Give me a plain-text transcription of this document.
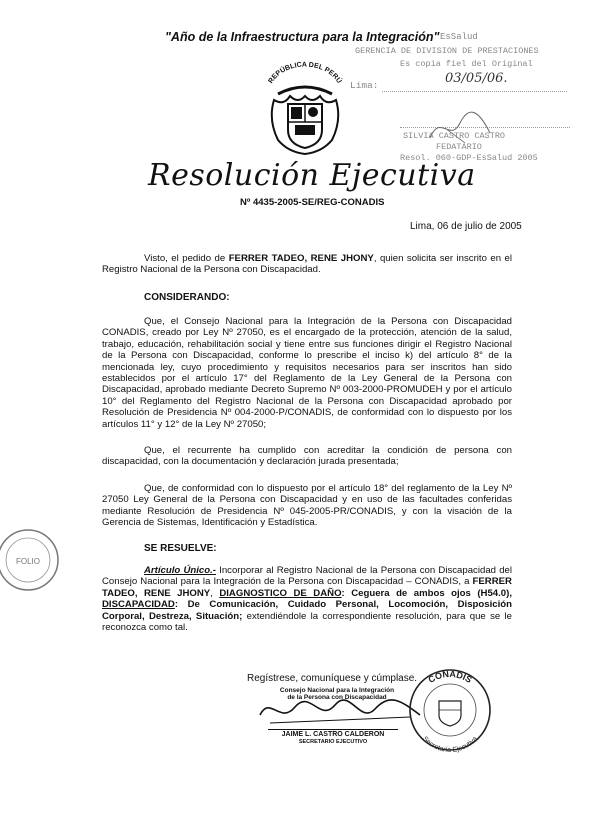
"Año de la Infraestructura para la Integración" EsSalud
GERENCIA DE DIVISION DE PRESTACIONES
Es copia fiel del Original
Lima:	03/05/06.
SILVIA CASTRO CASTRO
FEDATARIO
Resol. 060-GDP-EsSalud 2005
REPÚBLICA DEL PERÚ
Resolución Ejecutiva
Nº 4435-2005-SE/REG-CONADIS
Lima, 06 de julio de 2005
Visto, el pedido de FERRER TADEO, RENE JHONY, quien solicita ser inscrito en el Registro Nacional de la Persona con Discapacidad.
CONSIDERANDO:
Que, el Consejo Nacional para la Integración de la Persona con Discapacidad CONADIS, creado por Ley Nº 27050, es el encargado de la protección, atención de la salud, trabajo, educación, rehabilitación social y tiene entre sus funciones dirigir el Registro Nacional de la Persona con Discapacidad, conforme lo prescribe el inciso k) del artículo 8° de la mencionada ley, cuyo procedimiento y requisitos necesarios para ser inscritos han sido establecidos por el artículo 17° del Reglamento de la Ley General de la Persona con Discapacidad, aprobado mediante Decreto Supremo Nº 003-2000-PROMUDEH y por el artículo 10° del Reglamento del Registro Nacional de la Persona con Discapacidad aprobado por Resolución de Presidencia Nº 004-2000-P/CONADIS, de conformidad con lo dispuesto por los artículos 11° y 12° de la Ley Nº 27050;
Que, el recurrente ha cumplido con acreditar la condición de persona con discapacidad, con la documentación y declaración jurada presentada;
Que, de conformidad con lo dispuesto por el artículo 18° del reglamento de la Ley Nº 27050 Ley General de la Persona con Discapacidad y en uso de las facultades conferidas mediante Resolución de Presidencia Nº 045-2005-PR/CONADIS, y con la visación de la Gerencia de Sistemas, Identificación y Estadística.
SE RESUELVE:
Artículo Único.- Incorporar al Registro Nacional de la Persona con Discapacidad del Consejo Nacional para la Integración de la Persona con Discapacidad – CONADIS, a FERRER TADEO, RENE JHONY, DIAGNOSTICO DE DAÑO: Ceguera de ambos ojos (H54.0), DISCAPACIDAD: De Comunicación, Cuidado Personal, Locomoción, Disposición Corporal, Destreza, Situación; extendiéndole la correspondiente resolución, para que se le reconozca como tal.
FOLIO
Regístrese, comuníquese y cúmplase.
Consejo Nacional para la Integración
de la Persona con Discapacidad
JAIME L. CASTRO CALDERON
SECRETARIO EJECUTIVO
CONADIS
Secretaría Ejecutiva
